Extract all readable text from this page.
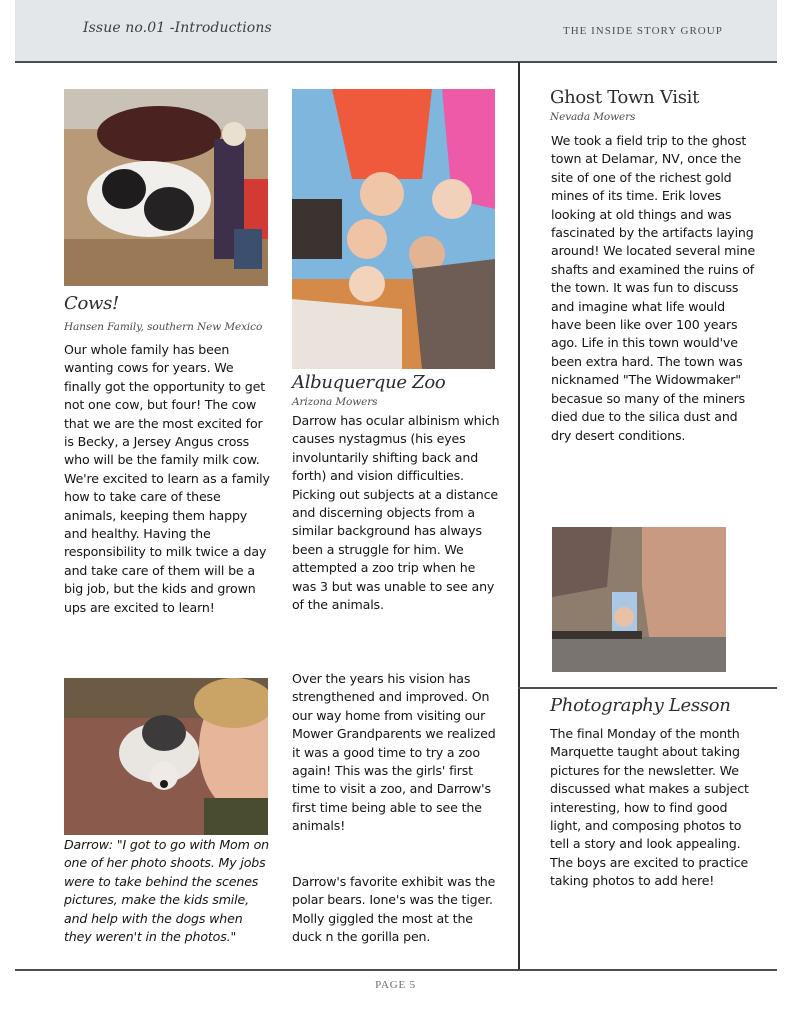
Issue no.01 -Introductions	THE INSIDE STORY GROUP
Cows!
Hansen Family, southern New Mexico
Our whole family has been wanting cows for years. We finally got the opportunity to get not one cow, but four! The cow that we are the most excited for is Becky, a Jersey Angus cross who will be the family milk cow. We're excited to learn as a family how to take care of these animals, keeping them happy and healthy. Having the responsibility to milk twice a day and take care of them will be a big job, but the kids and grown ups are excited to learn!
Darrow: "I got to go with Mom on one of her photo shoots. My jobs were to take behind the scenes pictures, make the kids smile, and help with the dogs when they weren't in the photos."
Albuquerque Zoo
Arizona Mowers
Darrow has ocular albinism which causes nystagmus (his eyes involuntarily shifting back and forth) and vision difficulties. Picking out subjects at a distance and discerning objects from a similar background has always been a struggle for him. We attempted a zoo trip when he was 3 but was unable to see any of the animals.
Over the years his vision has strengthened and improved. On our way home from visiting our Mower Grandparents we realized it was a good time to try a zoo again! This was the girls' first time to visit a zoo, and Darrow's first time being able to see the animals!
Darrow's favorite exhibit was the polar bears. Ione's was the tiger. Molly giggled the most at the duck n the gorilla pen.
Ghost Town Visit
Nevada Mowers
We took a field trip to the ghost town at Delamar, NV, once the site of one of the richest gold mines of its time. Erik loves looking at old things and was fascinated by the artifacts laying around! We located several mine shafts and examined the ruins of the town. It was fun to discuss and imagine what life would have been like over 100 years ago. Life in this town would've been extra hard. The town was nicknamed "The Widowmaker" becasue so many of the miners died due to the silica dust and dry desert conditions.
Photography Lesson
The final Monday of the month Marquette taught about taking pictures for the newsletter. We discussed what makes a subject interesting, how to find good light, and composing photos to tell a story and look appealing. The boys are excited to practice taking photos to add here!
PAGE 5
